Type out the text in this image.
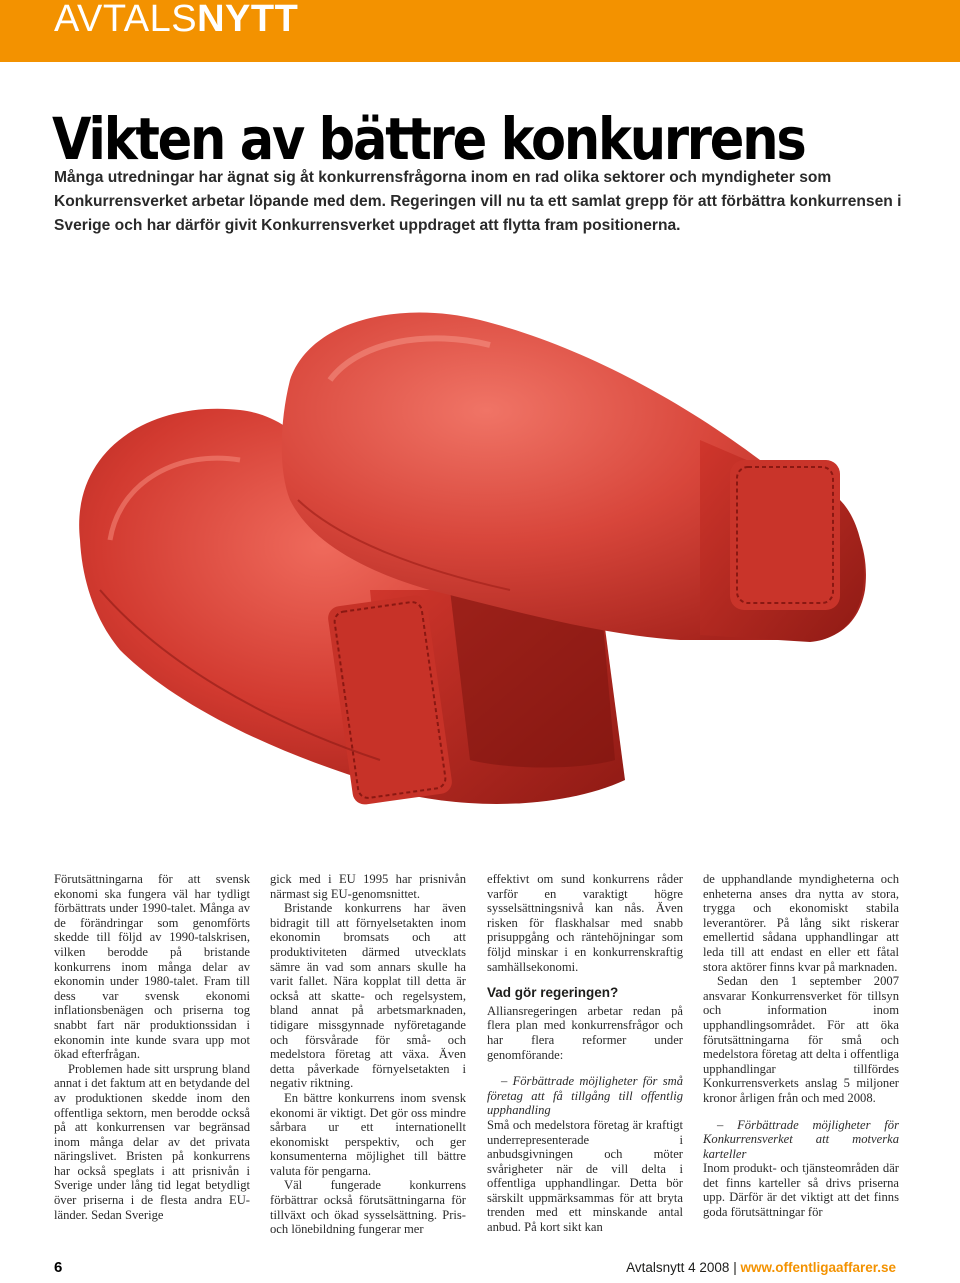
AVTALSNYTT
Vikten av bättre konkurrens

Många utredningar har ägnat sig åt konkurrensfrågorna inom en rad olika sektorer och myndigheter som Konkurrensverket arbetar löpande med dem. Regeringen vill nu ta ett samlat grepp för att förbättra konkurrensen i Sverige och har därför givit Konkurrensverket uppdraget att flytta fram positionerna.

Förutsättningarna för att svensk ekonomi ska fungera väl har tydligt förbättrats under 1990-talet. Många av de förändringar som genomförts skedde till följd av 1990-talskrisen, vilken berodde på bristande konkurrens inom många delar av ekonomin under 1980-talet. Fram till dess var svensk ekonomi inflationsbenägen och priserna tog snabbt fart när produktionssidan i ekonomin inte kunde svara upp mot ökad efterfrågan.

Problemen hade sitt ursprung bland annat i det faktum att en betydande del av produktionen skedde inom den offentliga sektorn, men berodde också på att konkurrensen var begränsad inom många delar av det privata näringslivet. Bristen på konkurrens har också speglats i att prisnivån i Sverige under lång tid legat betydligt över priserna i de flesta andra EU-länder. Sedan Sverige

gick med i EU 1995 har prisnivån närmast sig EU-genomsnittet.

Bristande konkurrens har även bidragit till att förnyelsetakten inom ekonomin bromsats och att produktiviteten därmed utvecklats sämre än vad som annars skulle ha varit fallet. Nära kopplat till detta är också att skatte- och regelsystem, bland annat på arbetsmarknaden, tidigare missgynnade nyföretagande och försvårade för små- och medelstora företag att växa. Även detta påverkade förnyelsetakten i negativ riktning.

En bättre konkurrens inom svensk ekonomi är viktigt. Det gör oss mindre sårbara ur ett internationellt ekonomiskt perspektiv, och ger konsumenterna möjlighet till bättre valuta för pengarna.

Väl fungerade konkurrens förbättrar också förutsättningarna för tillväxt och ökad sysselsättning. Pris- och lönebildning fungerar mer

effektivt om sund konkurrens råder varför en varaktigt högre sysselsättningsnivå kan nås. Även risken för flaskhalsar med snabb prisuppgång och räntehöjningar som följd minskar i en konkurrenskraftig samhällsekonomi.

Vad gör regeringen?

Alliansregeringen arbetar redan på flera plan med konkurrensfrågor och har flera reformer under genomförande:

– Förbättrade möjligheter för små företag att få tillgång till offentlig upphandling

Små och medelstora företag är kraftigt underrepresenterade i anbudsgivningen och möter svårigheter när de vill delta i offentliga upphandlingar. Detta bör särskilt uppmärksammas för att bryta trenden med ett minskande antal anbud. På kort sikt kan

de upphandlande myndigheterna och enheterna anses dra nytta av stora, trygga och ekonomiskt stabila leverantörer. På lång sikt riskerar emellertid sådana upphandlingar att leda till att endast en eller ett fåtal stora aktörer finns kvar på marknaden.

Sedan den 1 september 2007 ansvarar Konkurrensverket för tillsyn och information inom upphandlingsområdet. För att öka förutsättningarna för små och medelstora företag att delta i offentliga upphandlingar tillfördes Konkurrensverkets anslag 5 miljoner kronor årligen från och med 2008.

– Förbättrade möjligheter för Konkurrensverket att motverka karteller

Inom produkt- och tjänsteområden där det finns karteller så drivs priserna upp. Därför är det viktigt att det finns goda förutsättningar för

6	Avtalsnytt 4 2008 | www.offentligaaffarer.se
